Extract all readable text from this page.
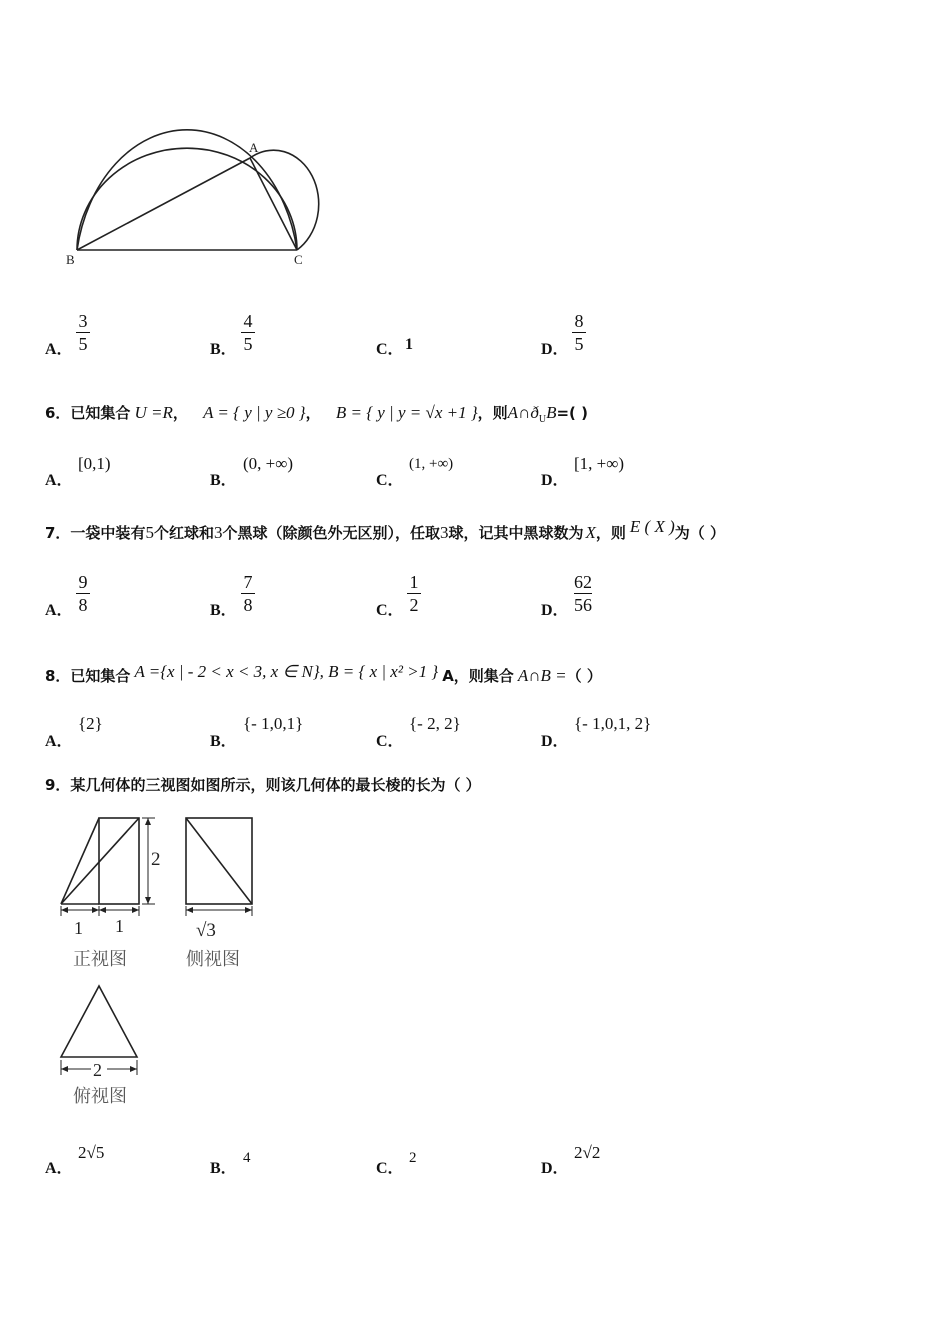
A
B	C
A．
3
5	B．
4
5	C． 1	D．
8
5
6．已知集合 U =R， A = { y | y ≥0 }， B = { y | y = √x +1 }，则$A\cap ð_UB=$( )
A．
[0,1)
B．
(0, +∞)
C．
(1, +∞)
D．
[1, +∞)
7．一袋中装有5个红球和3个黑球（除颜色外无区别），任取3球，记其中黑球数为 X，则 E ( X )为（ ）
A．
9
8	B．
7
8	C．
1
2	D．
62
56
8．已知集合 A ={x | - 2 < x < 3, x ∈ N}, B = { x | x² >1 } A，则集合 A∩B =（ ）
A．
{2}
B．
{- 1,0,1}
C．
{- 2, 2}
D．
{- 1,0,1, 2}
9．某几何体的三视图如图所示，则该几何体的最长棱的长为（ ）
2
1 1
正视图
√3
侧视图
2
俯视图
A．
2√5
B．
4
C．
2
D．
2√2
